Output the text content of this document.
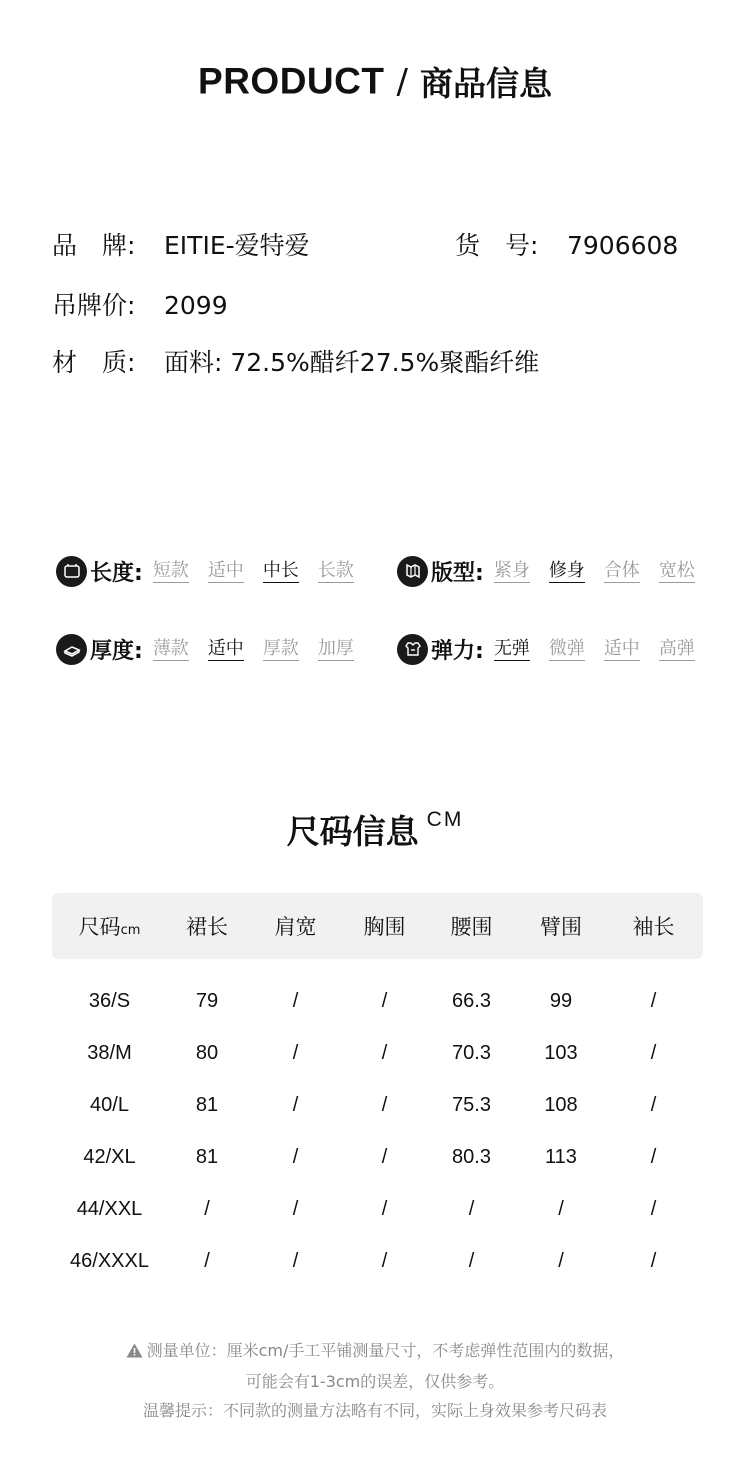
PRODUCT / 商品信息
品　牌: EITIE-爱特爱	货　号: 7906608
吊牌价: 2099
材　质: 面料: 72.5%醋纤27.5%聚酯纤维
长度: 短款 适中 中长 长款	版型: 紧身 修身 合体 宽松
厚度: 薄款 适中 厚款 加厚	弹力: 无弹 微弹 适中 高弹
尺码信息 CM
尺码cm	裙长	肩宽	胸围	腰围	臂围	袖长
36/S	79	/	/	66.3	99	/
38/M	80	/	/	70.3	103	/
40/L	81	/	/	75.3	108	/
42/XL	81	/	/	80.3	113	/
44/XXL	/	/	/	/	/	/
46/XXXL	/	/	/	/	/	/
测量单位：厘米cm/手工平铺测量尺寸，不考虑弹性范围内的数据，
可能会有1-3cm的误差，仅供参考。
温馨提示：不同款的测量方法略有不同，实际上身效果参考尺码表
